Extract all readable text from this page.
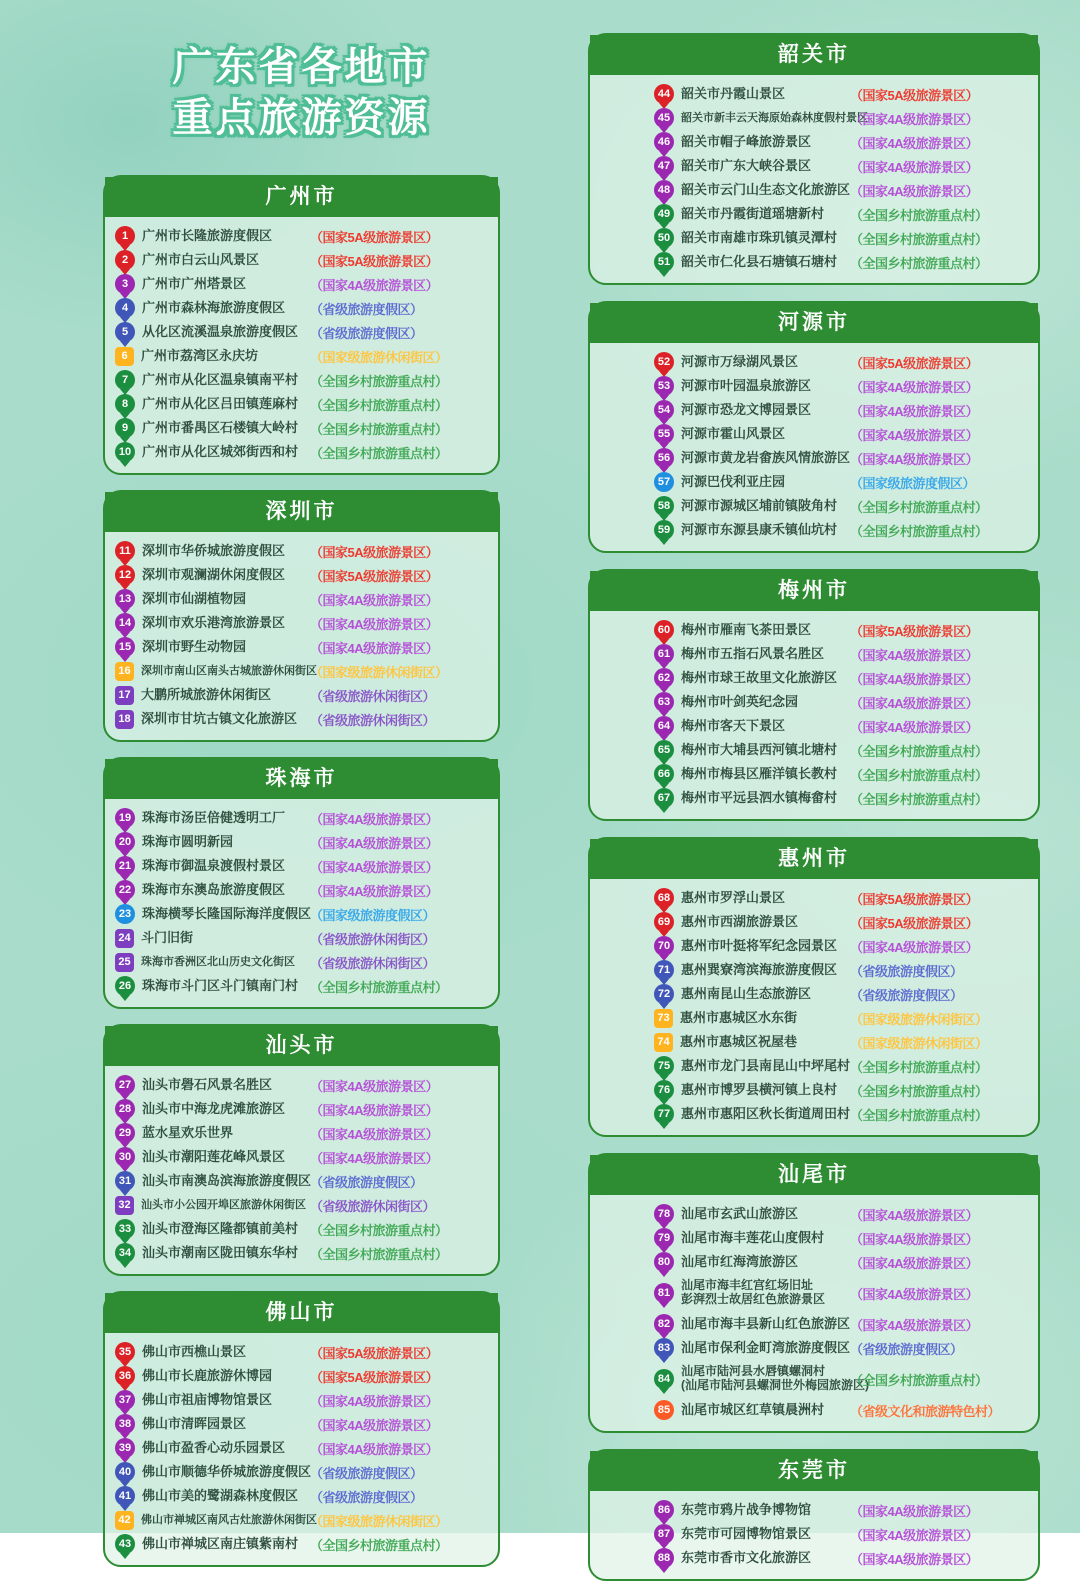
广东省各地市
重点旅游资源
广州市
1	广州市长隆旅游度假区	（国家5A级旅游景区）
2	广州市白云山风景区	（国家5A级旅游景区）
3	广州市广州塔景区	（国家4A级旅游景区）
4	广州市森林海旅游度假区	（省级旅游度假区）
5	从化区流溪温泉旅游度假区 （省级旅游度假区）
6	广州市荔湾区永庆坊	（国家级旅游休闲街区）
7	广州市从化区温泉镇南平村 （全国乡村旅游重点村）
8	广州市从化区吕田镇莲麻村 （全国乡村旅游重点村）
9	广州市番禺区石楼镇大岭村 （全国乡村旅游重点村）
10 广州市从化区城郊街西和村 （全国乡村旅游重点村）
深圳市
11 深圳市华侨城旅游度假区	（国家5A级旅游景区）
12 深圳市观澜湖休闲度假区	（国家5A级旅游景区）
13 深圳市仙湖植物园	（国家4A级旅游景区）
14 深圳市欢乐港湾旅游景区	（国家4A级旅游景区）
15 深圳市野生动物园	（国家4A级旅游景区）
16 深圳市南山区南头古城旅游休闲街区
（国家级旅游休闲街区）
17 大鹏所城旅游休闲街区	（省级旅游休闲街区）
18 深圳市甘坑古镇文化旅游区 （省级旅游休闲街区）
珠海市
19 珠海市汤臣倍健透明工厂	（国家4A级旅游景区）
20 珠海市圆明新园	（国家4A级旅游景区）
21 珠海市御温泉渡假村景区	（国家4A级旅游景区）
22 珠海市东澳岛旅游度假区	（国家4A级旅游景区）
23 珠海横琴长隆国际海洋度假区
（国家级旅游度假区）
24 斗门旧街	（省级旅游休闲街区）
25 珠海市香洲区北山历史文化街区	（省级旅游休闲街区）
26 珠海市斗门区斗门镇南门村 （全国乡村旅游重点村）
汕头市
27 汕头市礐石风景名胜区	（国家4A级旅游景区）
28 汕头市中海龙虎滩旅游区	（国家4A级旅游景区）
29 蓝水星欢乐世界	（国家4A级旅游景区）
30 汕头市潮阳莲花峰风景区	（国家4A级旅游景区）
31 汕头市南澳岛滨海旅游度假区
（省级旅游度假区）
32 汕头市小公园开埠区旅游休闲街区 （省级旅游休闲街区）
33 汕头市澄海区隆都镇前美村 （全国乡村旅游重点村）
34 汕头市潮南区陇田镇东华村 （全国乡村旅游重点村）
佛山市
35 佛山市西樵山景区	（国家5A级旅游景区）
36 佛山市长鹿旅游休博园	（国家5A级旅游景区）
37 佛山市祖庙博物馆景区	（国家4A级旅游景区）
38 佛山市清晖园景区	（国家4A级旅游景区）
39 佛山市盈香心动乐园景区	（国家4A级旅游景区）
40 佛山市顺德华侨城旅游度假区
（省级旅游度假区）
41 佛山市美的鹭湖森林度假区 （省级旅游度假区）
42 佛山市禅城区南风古灶旅游休闲街区
（国家级旅游休闲街区）
43 佛山市禅城区南庄镇紫南村 （全国乡村旅游重点村）
韶关市
44 韶关市丹霞山景区	（国家5A级旅游景区）
45 韶关市新丰云天海原始森林度假村景区
（国家4A级旅游景区）
46 韶关市帽子峰旅游景区	（国家4A级旅游景区）
47 韶关市广东大峡谷景区	（国家4A级旅游景区）
48 韶关市云门山生态文化旅游区 （国家4A级旅游景区）
49 韶关市丹霞街道瑶塘新村	（全国乡村旅游重点村）
50 韶关市南雄市珠玑镇灵潭村 （全国乡村旅游重点村）
51 韶关市仁化县石塘镇石塘村 （全国乡村旅游重点村）
河源市
52 河源市万绿湖风景区	（国家5A级旅游景区）
53 河源市叶园温泉旅游区	（国家4A级旅游景区）
54 河源市恐龙文博园景区	（国家4A级旅游景区）
55 河源市霍山风景区	（国家4A级旅游景区）
56 河源市黄龙岩畲族风情旅游区 （国家4A级旅游景区）
57 河源巴伐利亚庄园	（国家级旅游度假区）
58 河源市源城区埔前镇陂角村 （全国乡村旅游重点村）
59 河源市东源县康禾镇仙坑村 （全国乡村旅游重点村）
梅州市
60 梅州市雁南飞茶田景区	（国家5A级旅游景区）
61 梅州市五指石风景名胜区	（国家4A级旅游景区）
62 梅州市球王故里文化旅游区 （国家4A级旅游景区）
63 梅州市叶剑英纪念园	（国家4A级旅游景区）
64 梅州市客天下景区	（国家4A级旅游景区）
65 梅州市大埔县西河镇北塘村 （全国乡村旅游重点村）
66 梅州市梅县区雁洋镇长教村 （全国乡村旅游重点村）
67 梅州市平远县泗水镇梅畲村 （全国乡村旅游重点村）
惠州市
68 惠州市罗浮山景区	（国家5A级旅游景区）
69 惠州市西湖旅游景区	（国家5A级旅游景区）
70 惠州市叶挺将军纪念园景区 （国家4A级旅游景区）
71 惠州巽寮湾滨海旅游度假区 （省级旅游度假区）
72 惠州南昆山生态旅游区	（省级旅游度假区）
73 惠州市惠城区水东街	（国家级旅游休闲街区）
74 惠州市惠城区祝屋巷	（国家级旅游休闲街区）
75 惠州市龙门县南昆山中坪尾村 （全国乡村旅游重点村）
76 惠州市博罗县横河镇上良村 （全国乡村旅游重点村）
77 惠州市惠阳区秋长街道周田村 （全国乡村旅游重点村）
汕尾市
78 汕尾市玄武山旅游区	（国家4A级旅游景区）
79 汕尾市海丰莲花山度假村	（国家4A级旅游景区）
80 汕尾市红海湾旅游区	（国家4A级旅游景区）
81
汕尾市海丰红宫红场旧址
彭湃烈士故居红色旅游景区	（国家4A级旅游景区）
82 汕尾市海丰县新山红色旅游区 （国家4A级旅游景区）
83 汕尾市保利金町湾旅游度假区 （省级旅游度假区）
84
汕尾市陆河县水唇镇螺洞村
(汕尾市陆河县螺洞世外梅园旅游区)
（全国乡村旅游重点村）
85 汕尾市城区红草镇晨洲村	（省级文化和旅游特色村）
东莞市
86 东莞市鸦片战争博物馆	（国家4A级旅游景区）
87 东莞市可园博物馆景区	（国家4A级旅游景区）
88 东莞市香市文化旅游区	（国家4A级旅游景区）
